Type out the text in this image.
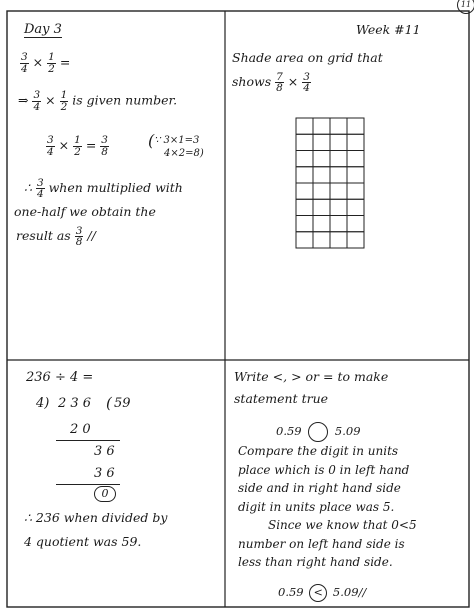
11
Day 3
$\frac{3}{4} \times \frac{1}{2}$ =
⇒ $\frac{3}{4} \times \frac{1}{2}$ is given number.
$\frac{3}{4} \times \frac{1}{2} = \frac{3}{8}$ ( ∵ 3×1=3
4×2=8)
∴ $\frac{3}{4}$ when multiplied with
one-half we obtain the
result as $\frac{3}{8}$ //
Week #11
Shade area on grid that
shows $\frac{7}{8} \times \frac{3}{4}$
236 ÷ 4 =
4) 2 3 6 ( 59
2 0
3 6
3 6
0
∴ 236 when divided by
4 quotient was 59.
Write <, > or = to make
statement true
0.59	5.09
Compare the digit in units
place which is 0 in left hand
side and in right hand side
digit in units place was 5.
Since we know that 0<5
number on left hand side is
less than right hand side.
0.59 < 5.09//
